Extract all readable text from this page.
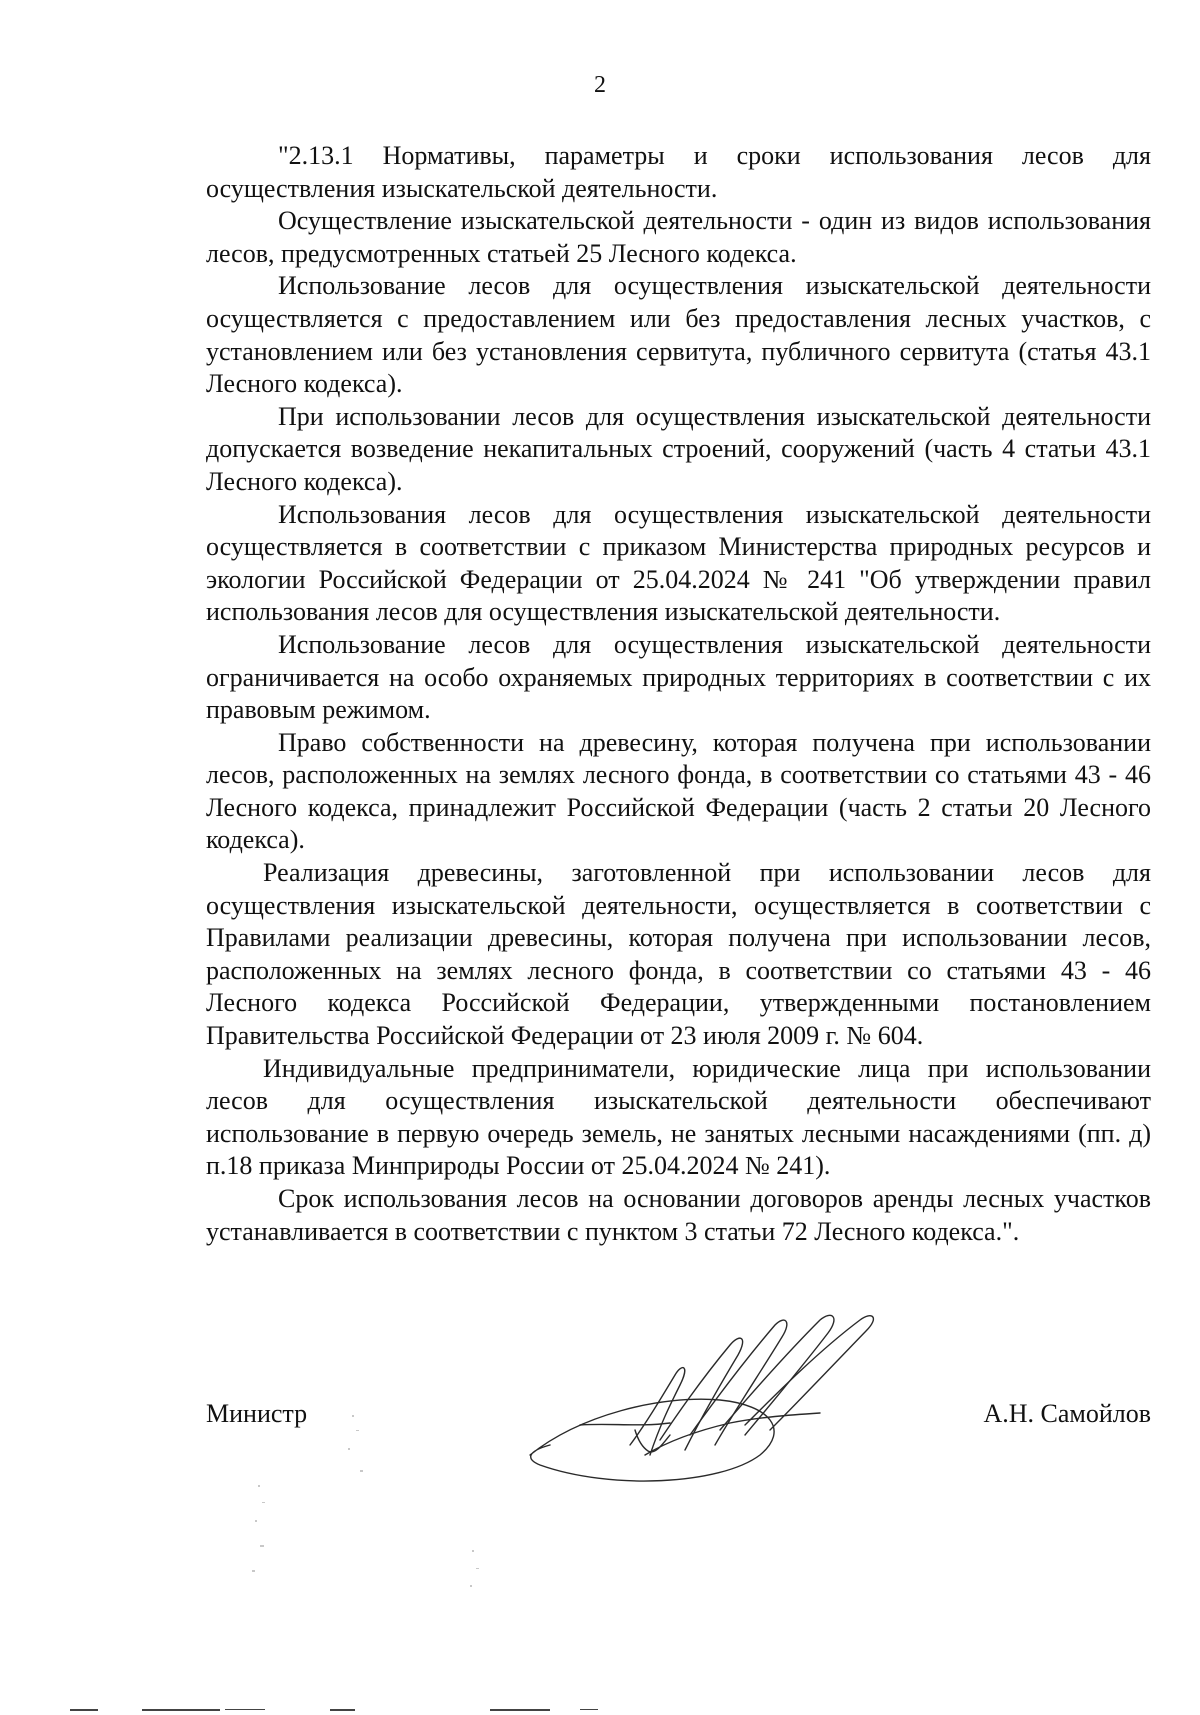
2

"2.13.1 Нормативы, параметры и сроки использования лесов для осуществления изыскательской деятельности.

Осуществление изыскательской деятельности - один из видов использования лесов, предусмотренных статьей 25 Лесного кодекса.

Использование лесов для осуществления изыскательской деятельности осуществляется с предоставлением или без предоставления лесных участков, с установлением или без установления сервитута, публичного сервитута (статья 43.1 Лесного кодекса).

При использовании лесов для осуществления изыскательской деятельности допускается возведение некапитальных строений, сооружений (часть 4 статьи 43.1 Лесного кодекса).

Использования лесов для осуществления изыскательской деятельности осуществляется в соответствии с приказом Министерства природных ресурсов и экологии Российской Федерации от 25.04.2024 № 241 "Об утверждении правил использования лесов для осуществления изыскательской деятельности.

Использование лесов для осуществления изыскательской деятельности ограничивается на особо охраняемых природных территориях в соответствии с их правовым режимом.

Право собственности на древесину, которая получена при использовании лесов, расположенных на землях лесного фонда, в соответствии со статьями 43 - 46 Лесного кодекса, принадлежит Российской Федерации (часть 2 статьи 20 Лесного кодекса).

Реализация древесины, заготовленной при использовании лесов для осуществления изыскательской деятельности, осуществляется в соответствии с Правилами реализации древесины, которая получена при использовании лесов, расположенных на землях лесного фонда, в соответствии со статьями 43 - 46 Лесного кодекса Российской Федерации, утвержденными постановлением Правительства Российской Федерации от 23 июля 2009 г. № 604.

Индивидуальные предприниматели, юридические лица при использовании лесов для осуществления изыскательской деятельности обеспечивают использование в первую очередь земель, не занятых лесными насаждениями (пп. д) п.18 приказа Минприроды России от 25.04.2024 № 241).

Срок использования лесов на основании договоров аренды лесных участков устанавливается в соответствии с пунктом 3 статьи 72 Лесного кодекса.".

Министр	А.Н. Самойлов
